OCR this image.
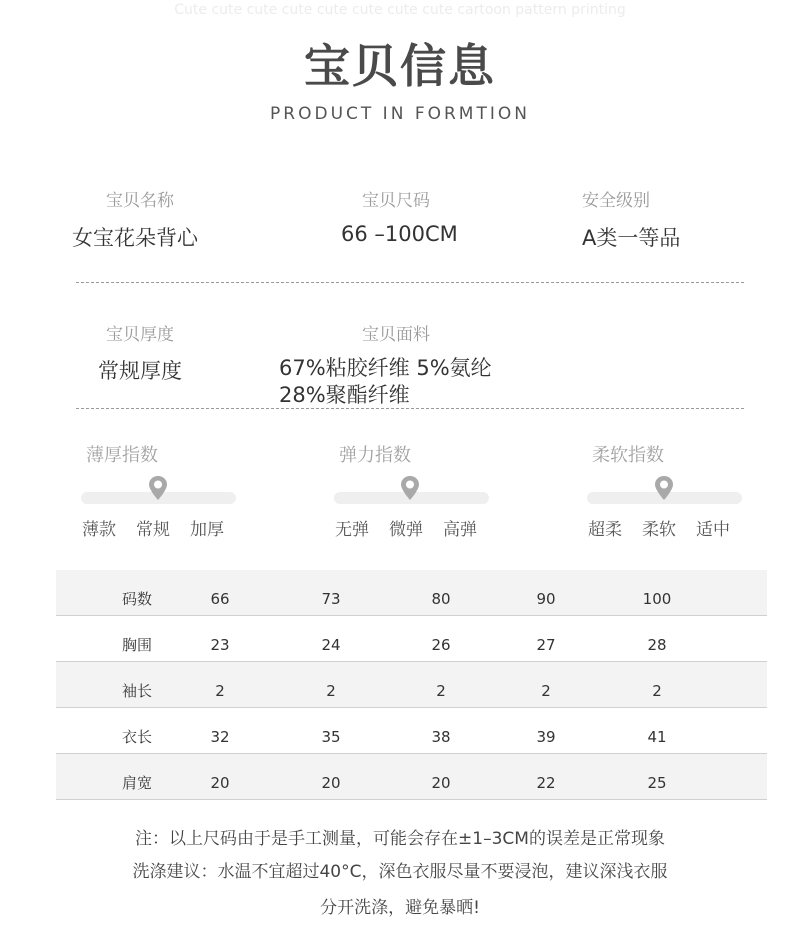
Cute cute cute cute cute cute cute cute cartoon pattern printing
宝贝信息
PRODUCT IN FORMTION
宝贝名称
女宝花朵背心
宝贝尺码
66 –100CM
安全级别
A类一等品
宝贝厚度
常规厚度
宝贝面料
67%粘胶纤维 5%氨纶
28%聚酯纤维
薄厚指数
薄款 常规 加厚
弹力指数
无弹 微弹 高弹
柔软指数
超柔 柔软 适中
码数	66	73	80	90	100
胸围	23	24	26	27	28
袖长	2	2	2	2	2
衣长	32	35	38	39	41
肩宽	20	20	20	22	25
注：以上尺码由于是手工测量，可能会存在±1–3CM的误差是正常现象
洗涤建议：水温不宜超过40°C，深色衣服尽量不要浸泡，建议深浅衣服
分开洗涤，避免暴晒!
